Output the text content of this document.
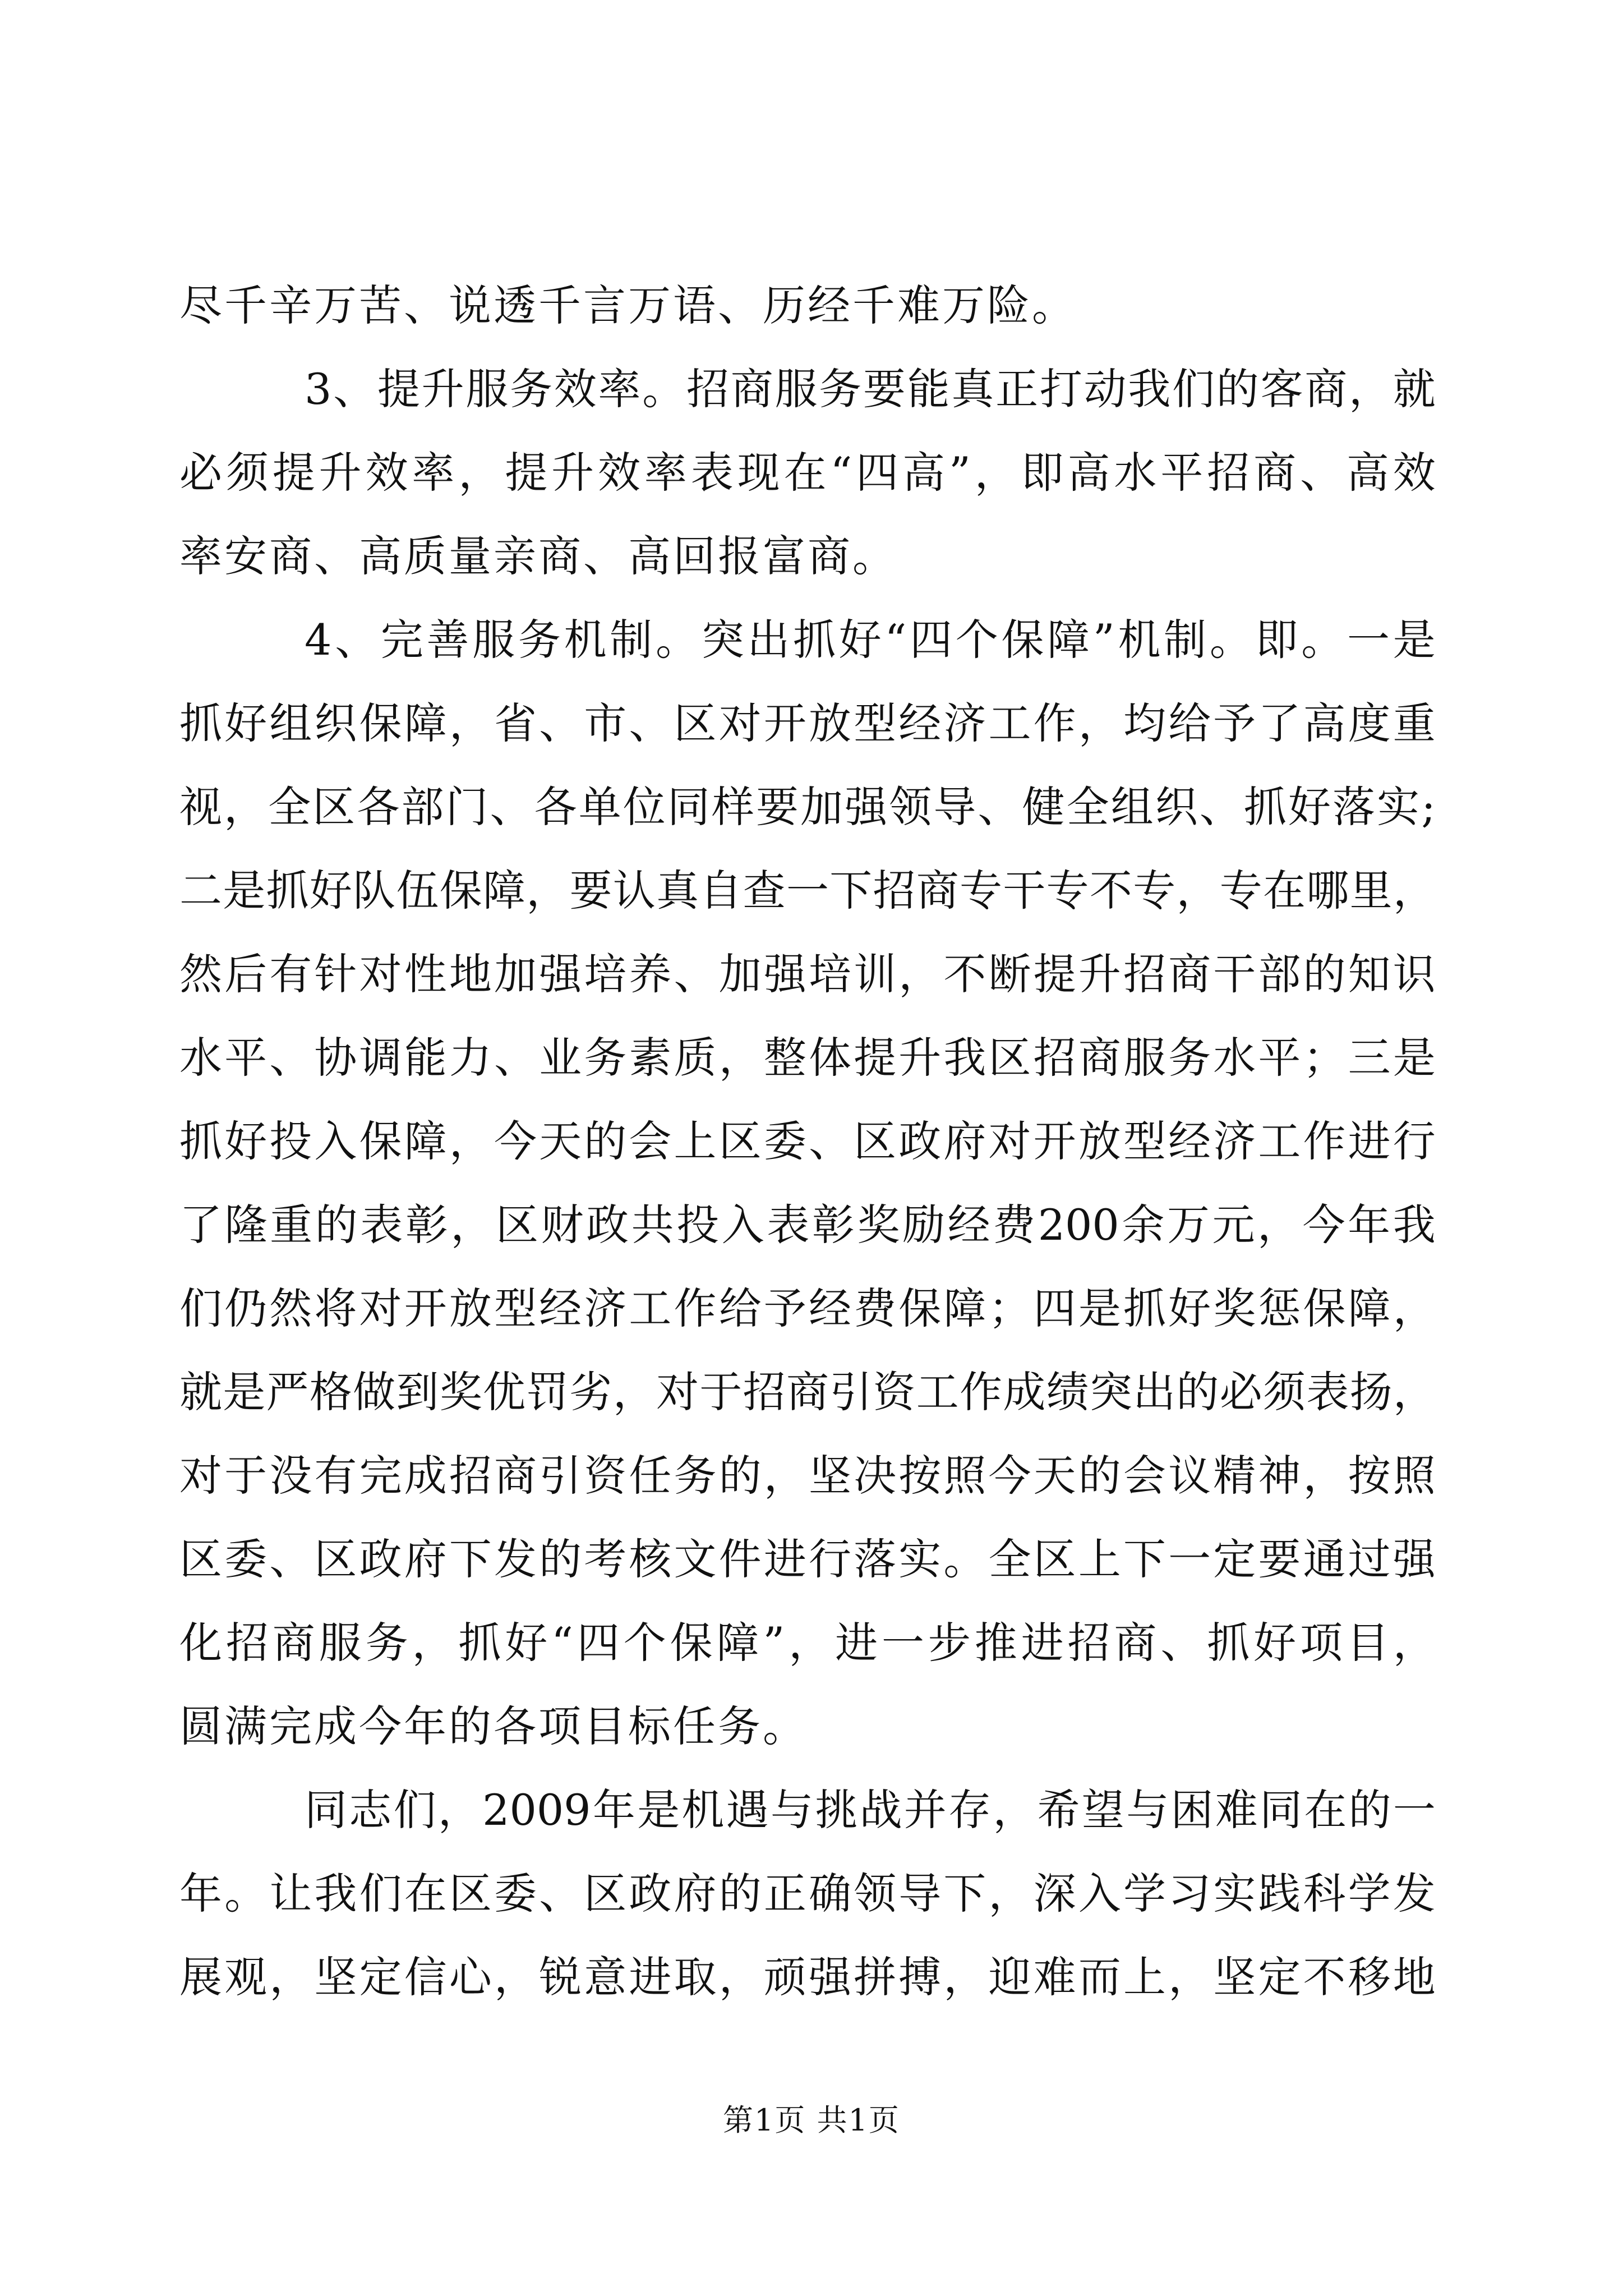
尽千辛万苦、说透千言万语、历经千难万险。
3 、 提 升 服 务 效 率 。 招 商 服 务 要 能 真 正 打 动 我 们 的 客 商 ， 就
必 须 提 升 效 率 ， 提 升 效 率 表 现 在 “ 四 高 ” ， 即 高 水 平 招 商 、 高 效
率安商、高质量亲商、高回报富商。
4 、 完 善 服 务 机 制 。 突 出 抓 好 “ 四 个 保 障 ” 机 制 。 即 。 一 是
抓 好 组 织 保 障 ， 省 、 市 、 区 对 开 放 型 经 济 工 作 ， 均 给 予 了 高 度 重
视 ， 全 区 各 部 门 、 各 单 位 同 样 要 加 强 领 导 、 健 全 组 织 、 抓 好 落 实 ;
二 是 抓 好 队 伍 保 障 ， 要 认 真 自 查 一 下 招 商 专 干 专 不 专 ， 专 在 哪 里 ，
然 后 有 针 对 性 地 加 强 培 养 、 加 强 培 训 ， 不 断 提 升 招 商 干 部 的 知 识
水 平 、 协 调 能 力 、 业 务 素 质 ， 整 体 提 升 我 区 招 商 服 务 水 平 ； 三 是
抓 好 投 入 保 障 ， 今 天 的 会 上 区 委 、 区 政 府 对 开 放 型 经 济 工 作 进 行
了 隆 重 的 表 彰 ， 区 财 政 共 投 入 表 彰 奖 励 经 费 200 余 万 元 ， 今 年 我
们 仍 然 将 对 开 放 型 经 济 工 作 给 予 经 费 保 障 ； 四 是 抓 好 奖 惩 保 障 ，
就 是 严 格 做 到 奖 优 罚 劣 ， 对 于 招 商 引 资 工 作 成 绩 突 出 的 必 须 表 扬 ，
对 于 没 有 完 成 招 商 引 资 任 务 的 ， 坚 决 按 照 今 天 的 会 议 精 神 ， 按 照
区 委 、 区 政 府 下 发 的 考 核 文 件 进 行 落 实 。 全 区 上 下 一 定 要 通 过 强
化 招 商 服 务 ， 抓 好 “ 四 个 保 障 ” ， 进 一 步 推 进 招 商 、 抓 好 项 目 ，
圆满完成今年的各项目标任务。
同 志 们 ， 2009 年 是 机 遇 与 挑 战 并 存 ， 希 望 与 困 难 同 在 的 一
年 。 让 我 们 在 区 委 、 区 政 府 的 正 确 领 导 下 ， 深 入 学 习 实 践 科 学 发
展 观 ， 坚 定 信 心 ， 锐 意 进 取 ， 顽 强 拼 搏 ， 迎 难 而 上 ， 坚 定 不 移 地
第1页 共1页
